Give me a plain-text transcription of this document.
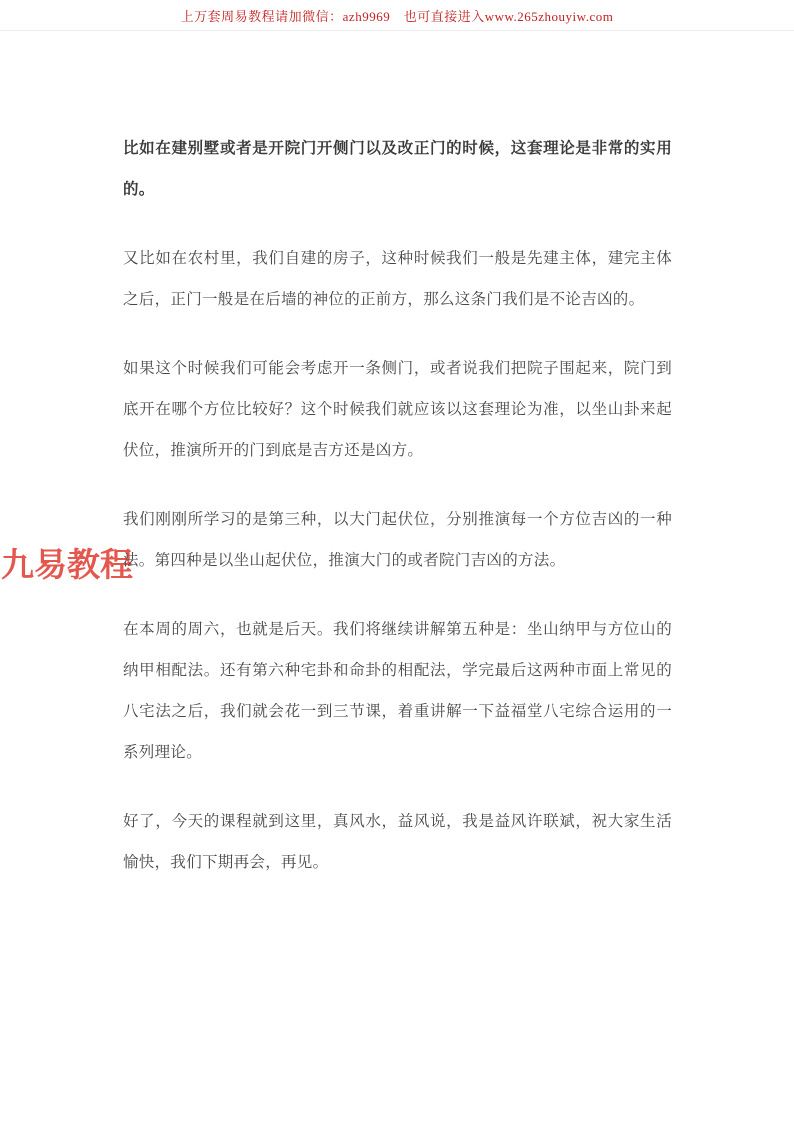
上万套周易教程请加微信：azh9969　也可直接进入www.265zhouyiw.com
九易教程

比如在建别墅或者是开院门开侧门以及改正门的时候，这套理论是非常的实用的。

又比如在农村里，我们自建的房子，这种时候我们一般是先建主体，建完主体之后，正门一般是在后墙的神位的正前方，那么这条门我们是不论吉凶的。

如果这个时候我们可能会考虑开一条侧门，或者说我们把院子围起来，院门到底开在哪个方位比较好？这个时候我们就应该以这套理论为准，以坐山卦来起伏位，推演所开的门到底是吉方还是凶方。

我们刚刚所学习的是第三种，以大门起伏位，分别推演每一个方位吉凶的一种法。第四种是以坐山起伏位，推演大门的或者院门吉凶的方法。

在本周的周六，也就是后天。我们将继续讲解第五种是：坐山纳甲与方位山的纳甲相配法。还有第六种宅卦和命卦的相配法，学完最后这两种市面上常见的八宅法之后，我们就会花一到三节课，着重讲解一下益福堂八宅综合运用的一系列理论。

好了，今天的课程就到这里，真风水，益风说，我是益风许联斌，祝大家生活愉快，我们下期再会，再见。
